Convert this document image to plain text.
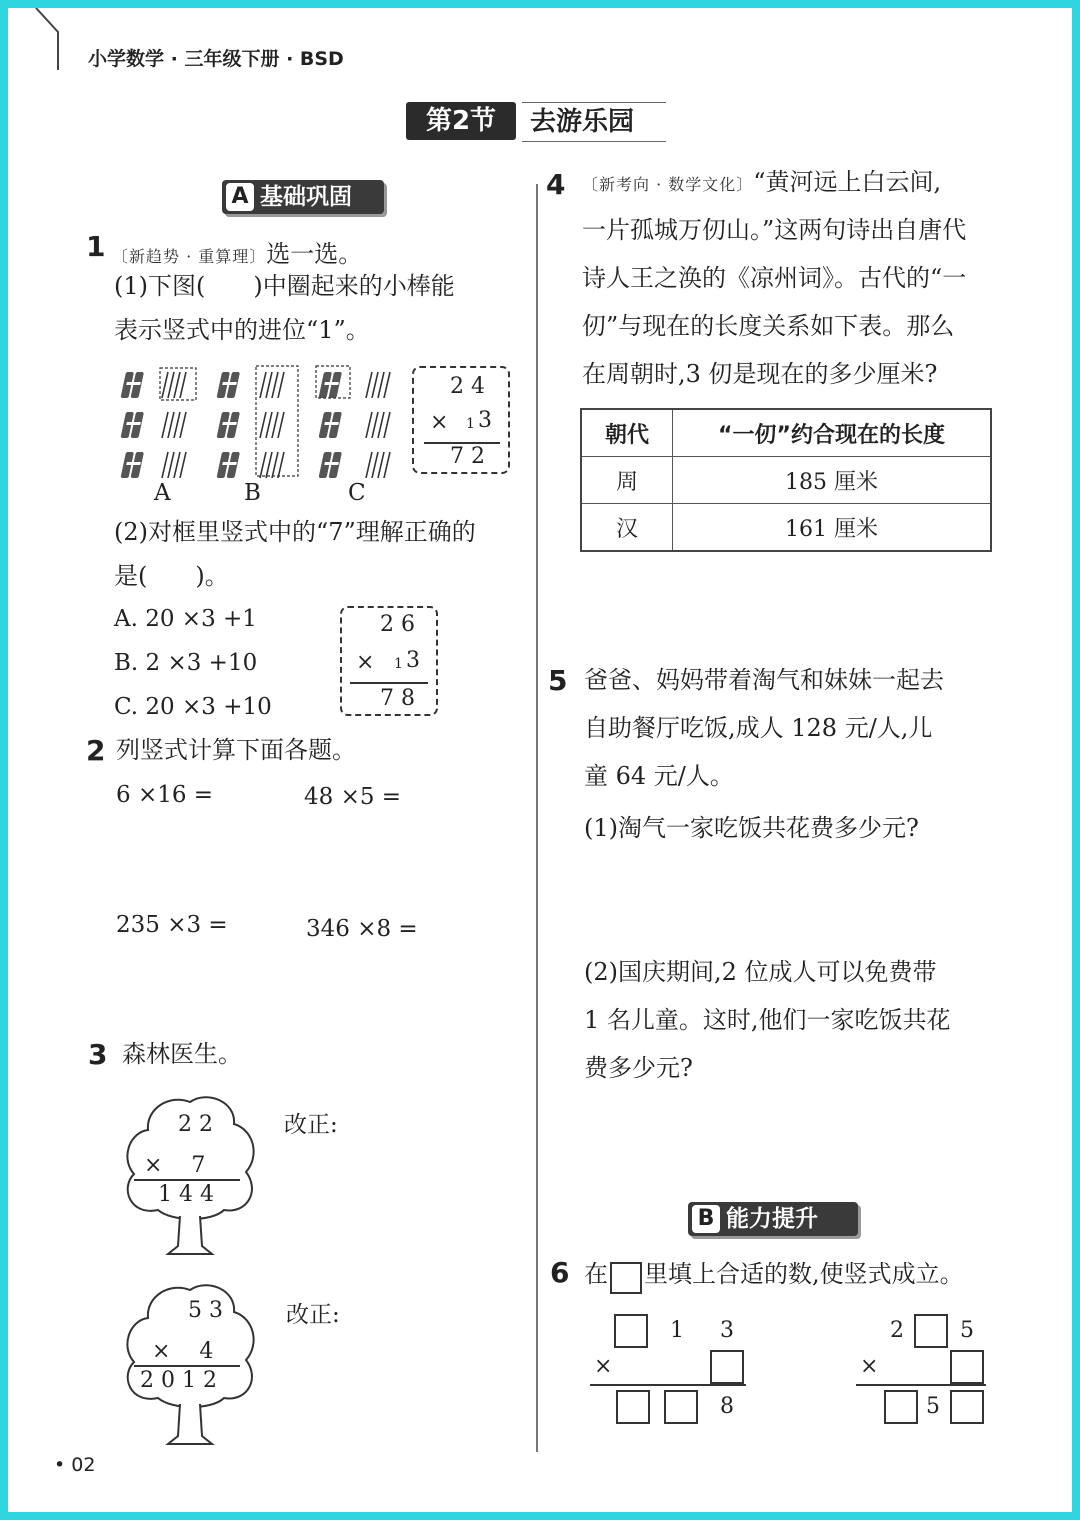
小学数学 · 三年级下册 · BSD
第2节	去游乐园
A 基础巩固
1 〔新趋势 · 重算理〕选一选。
(1)下图(　　)中圈起来的小棒能
表示竖式中的进位“1”。
A	B	C
2 4
× 1 3
7 2
(2)对框里竖式中的“7”理解正确的
是(　　)。
A. 20 ×3 +1
B. 2 ×3 +10
C. 20 ×3 +10
2 6
× 1 3
7 8
2 列竖式计算下面各题。
6 ×16 =	48 ×5 =
235 ×3 =	346 ×8 =
3 森林医生。
2 2
×　 7
1 4 4
改正:
5 3
×　 4
2 0 1 2
改正:
4 〔新考向 · 数学文化〕“黄河远上白云间,
一片孤城万仞山。”这两句诗出自唐代
诗人王之涣的《凉州词》。古代的“一
仞”与现在的长度关系如下表。那么
在周朝时,3 仞是现在的多少厘米?
朝代	“一仞”约合现在的长度
周	185 厘米
汉	161 厘米
5 爸爸、妈妈带着淘气和妹妹一起去
自助餐厅吃饭,成人 128 元/人,儿
童 64 元/人。
(1)淘气一家吃饭共花费多少元?
(2)国庆期间,2 位成人可以免费带
1 名儿童。这时,他们一家吃饭共花
费多少元?
B 能力提升
6 在 里填上合适的数,使竖式成立。
1 3
×
8
2	5
×
5
• 02
